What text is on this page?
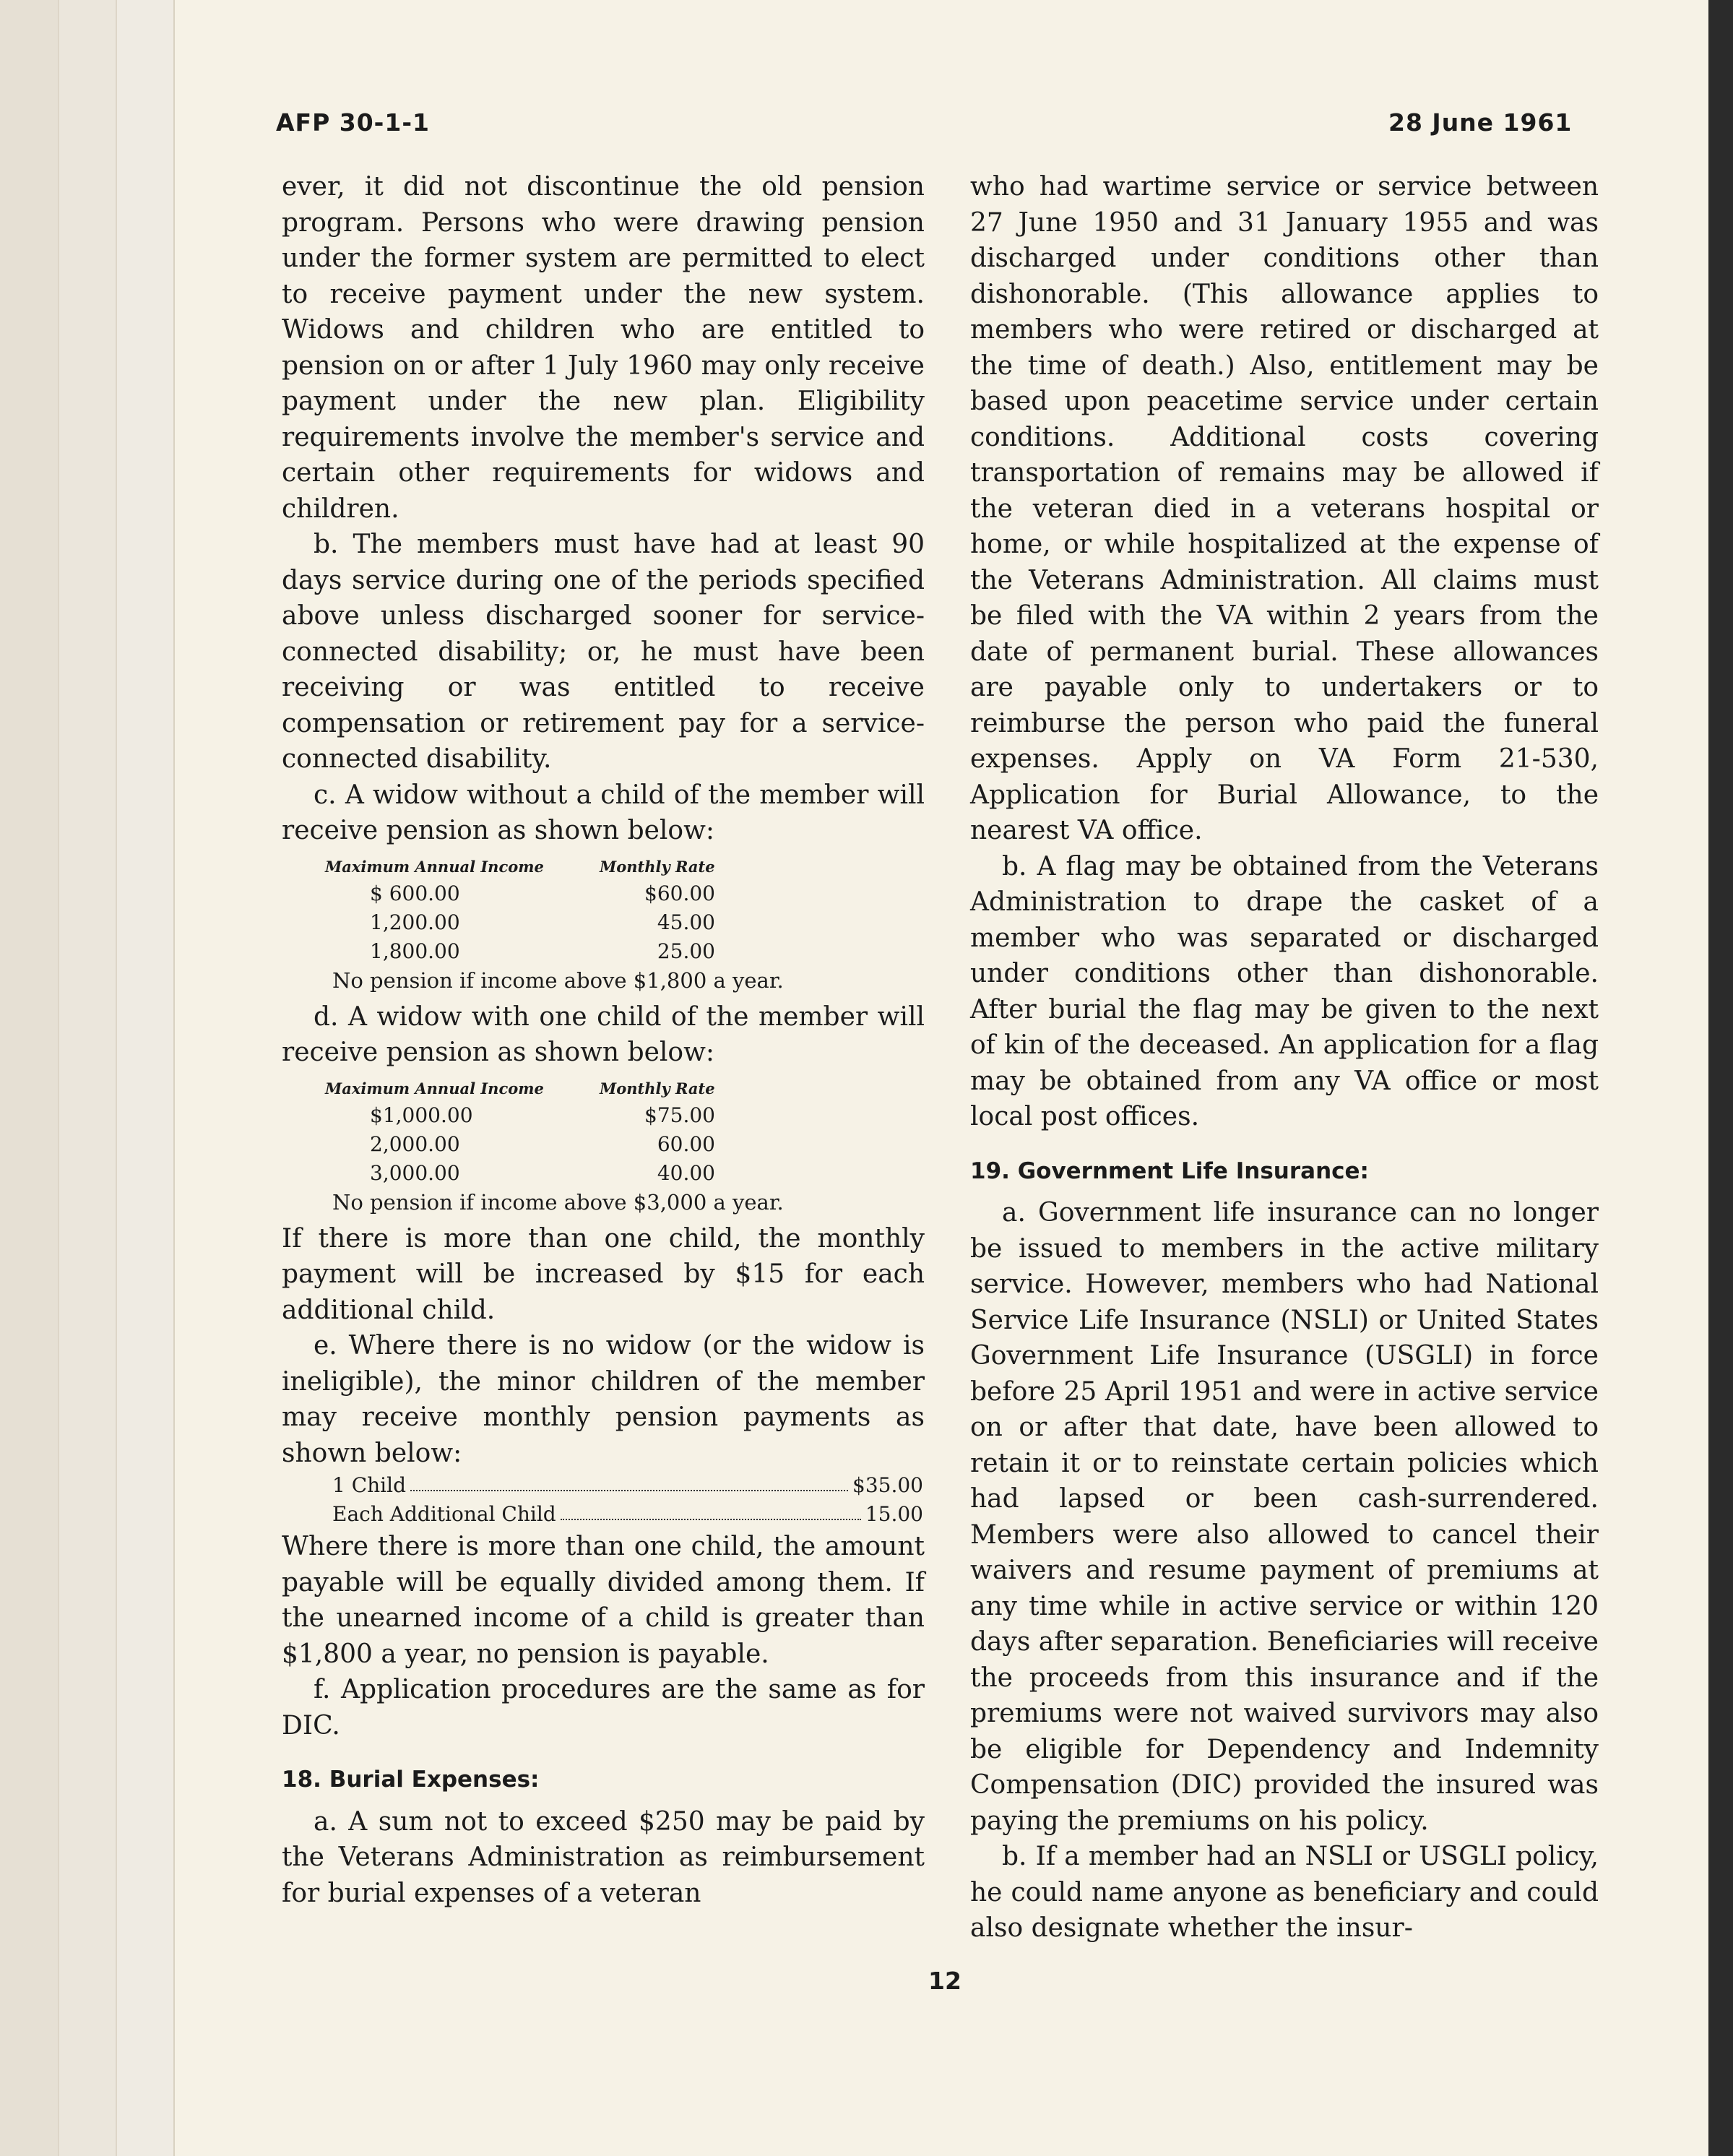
AFP 30-1-1	28 June 1961

ever, it did not discontinue the old pension program. Persons who were drawing pension under the former system are permitted to elect to receive payment under the new system. Widows and children who are entitled to pension on or after 1 July 1960 may only receive payment under the new plan. Eligibility requirements involve the member's service and certain other requirements for widows and children.

b. The members must have had at least 90 days service during one of the periods specified above unless discharged sooner for service-connected disability; or, he must have been receiving or was entitled to receive compensation or retirement pay for a service-connected disability.

c. A widow without a child of the member will receive pension as shown below:

Maximum Annual Income	Monthly Rate
$ 600.00	$60.00
1,200.00	45.00
1,800.00	25.00
No pension if income above $1,800 a year.

d. A widow with one child of the member will receive pension as shown below:

Maximum Annual Income	Monthly Rate
$1,000.00	$75.00
2,000.00	60.00
3,000.00	40.00
No pension if income above $3,000 a year.

If there is more than one child, the monthly payment will be increased by $15 for each additional child.

e. Where there is no widow (or the widow is ineligible), the minor children of the member may receive monthly pension payments as shown below:

1 Child	$35.00
Each Additional Child	15.00

Where there is more than one child, the amount payable will be equally divided among them. If the unearned income of a child is greater than $1,800 a year, no pension is payable.

f. Application procedures are the same as for DIC.

18. Burial Expenses:

a. A sum not to exceed $250 may be paid by the Veterans Administration as reimbursement for burial expenses of a veteran

who had wartime service or service between 27 June 1950 and 31 January 1955 and was discharged under conditions other than dishonorable. (This allowance applies to members who were retired or discharged at the time of death.) Also, entitlement may be based upon peacetime service under certain conditions. Additional costs covering transportation of remains may be allowed if the veteran died in a veterans hospital or home, or while hospitalized at the expense of the Veterans Administration. All claims must be filed with the VA within 2 years from the date of permanent burial. These allowances are payable only to undertakers or to reimburse the person who paid the funeral expenses. Apply on VA Form 21-530, Application for Burial Allowance, to the nearest VA office.

b. A flag may be obtained from the Veterans Administration to drape the casket of a member who was separated or discharged under conditions other than dishonorable. After burial the flag may be given to the next of kin of the deceased. An application for a flag may be obtained from any VA office or most local post offices.

19. Government Life Insurance:

a. Government life insurance can no longer be issued to members in the active military service. However, members who had National Service Life Insurance (NSLI) or United States Government Life Insurance (USGLI) in force before 25 April 1951 and were in active service on or after that date, have been allowed to retain it or to reinstate certain policies which had lapsed or been cash-surrendered. Members were also allowed to cancel their waivers and resume payment of premiums at any time while in active service or within 120 days after separation. Beneficiaries will receive the proceeds from this insurance and if the premiums were not waived survivors may also be eligible for Dependency and Indemnity Compensation (DIC) provided the insured was paying the premiums on his policy.

b. If a member had an NSLI or USGLI policy, he could name anyone as beneficiary and could also designate whether the insur-

12
